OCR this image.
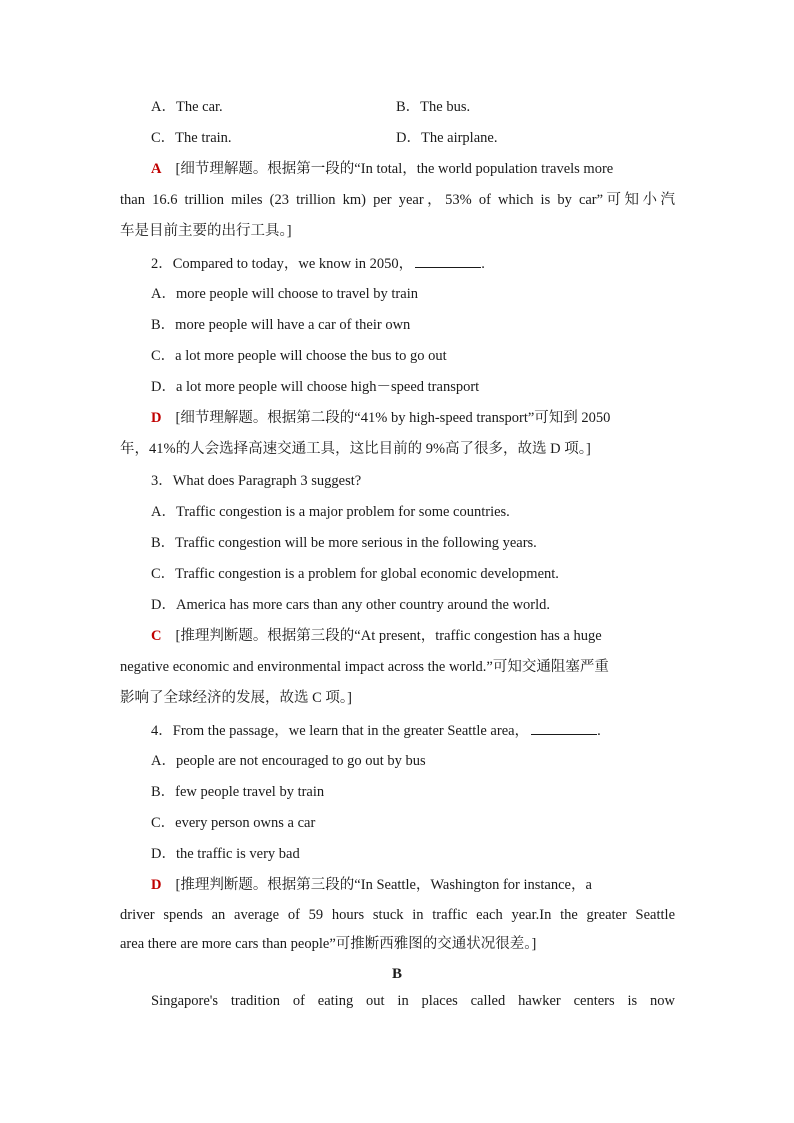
A．The car.	B．The bus.
C．The train.	D．The airplane.
A [细节理解题。根据第一段的“In total，the world population travels more
than 16.6 trillion miles (23 trillion km) per year，53% of which is by car”可知小汽
车是目前主要的出行工具。]
2．Compared to today，we know in 2050，	.
A．more people will choose to travel by train
B．more people will have a car of their own
C．a lot more people will choose the bus to go out
D．a lot more people will choose high－speed transport
D [细节理解题。根据第二段的“41% by high-speed transport”可知到 2050
年，41%的人会选择高速交通工具，这比目前的 9%高了很多，故选 D 项。]
3．What does Paragraph 3 suggest?
A．Traffic congestion is a major problem for some countries.
B．Traffic congestion will be more serious in the following years.
C．Traffic congestion is a problem for global economic development.
D．America has more cars than any other country around the world.
C [推理判断题。根据第三段的“At present，traffic congestion has a huge
negative economic and environmental impact across the world.”可知交通阻塞严重
影响了全球经济的发展，故选 C 项。]
4．From the passage，we learn that in the greater Seattle area，	.
A．people are not encouraged to go out by bus
B．few people travel by train
C．every person owns a car
D．the traffic is very bad
D [推理判断题。根据第三段的“In Seattle，Washington for instance，a
driver spends an average of 59 hours stuck in traffic each year.In the greater Seattle
area there are more cars than people”可推断西雅图的交通状况很差。]
B
Singapore's tradition of eating out in places called hawker centers is now
